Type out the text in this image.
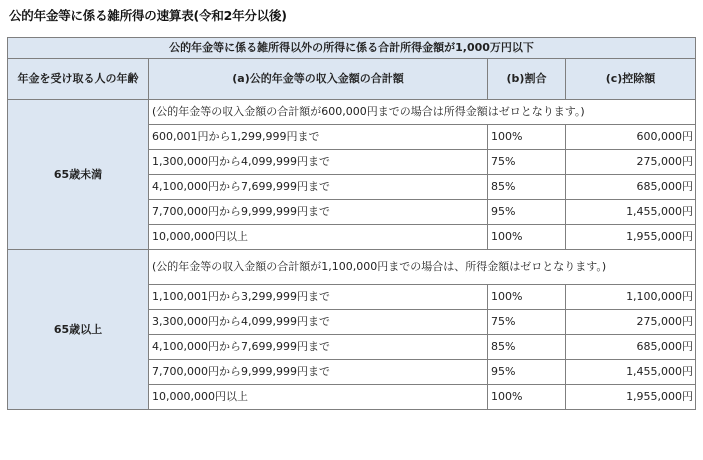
公的年金等に係る雑所得の速算表(令和2年分以後)
公的年金等に係る雑所得以外の所得に係る合計所得金額が1,000万円以下			
年金を受け取る人の年齢	(a)公的年金等の収入金額の合計額	(b)割合	(c)控除額
65歳未満	(公的年金等の収入金額の合計額が600,000円までの場合は所得金額はゼロとなります。)		
	600,001円から1,299,999円まで	100%	600,000円
	1,300,000円から4,099,999円まで	75%	275,000円
	4,100,000円から7,699,999円まで	85%	685,000円
	7,700,000円から9,999,999円まで	95%	1,455,000円
	10,000,000円以上	100%	1,955,000円
65歳以上	(公的年金等の収入金額の合計額が1,100,000円までの場合は、所得金額はゼロとなります。)		
	1,100,001円から3,299,999円まで	100%	1,100,000円
	3,300,000円から4,099,999円まで	75%	275,000円
	4,100,000円から7,699,999円まで	85%	685,000円
	7,700,000円から9,999,999円まで	95%	1,455,000円
	10,000,000円以上	100%	1,955,000円
